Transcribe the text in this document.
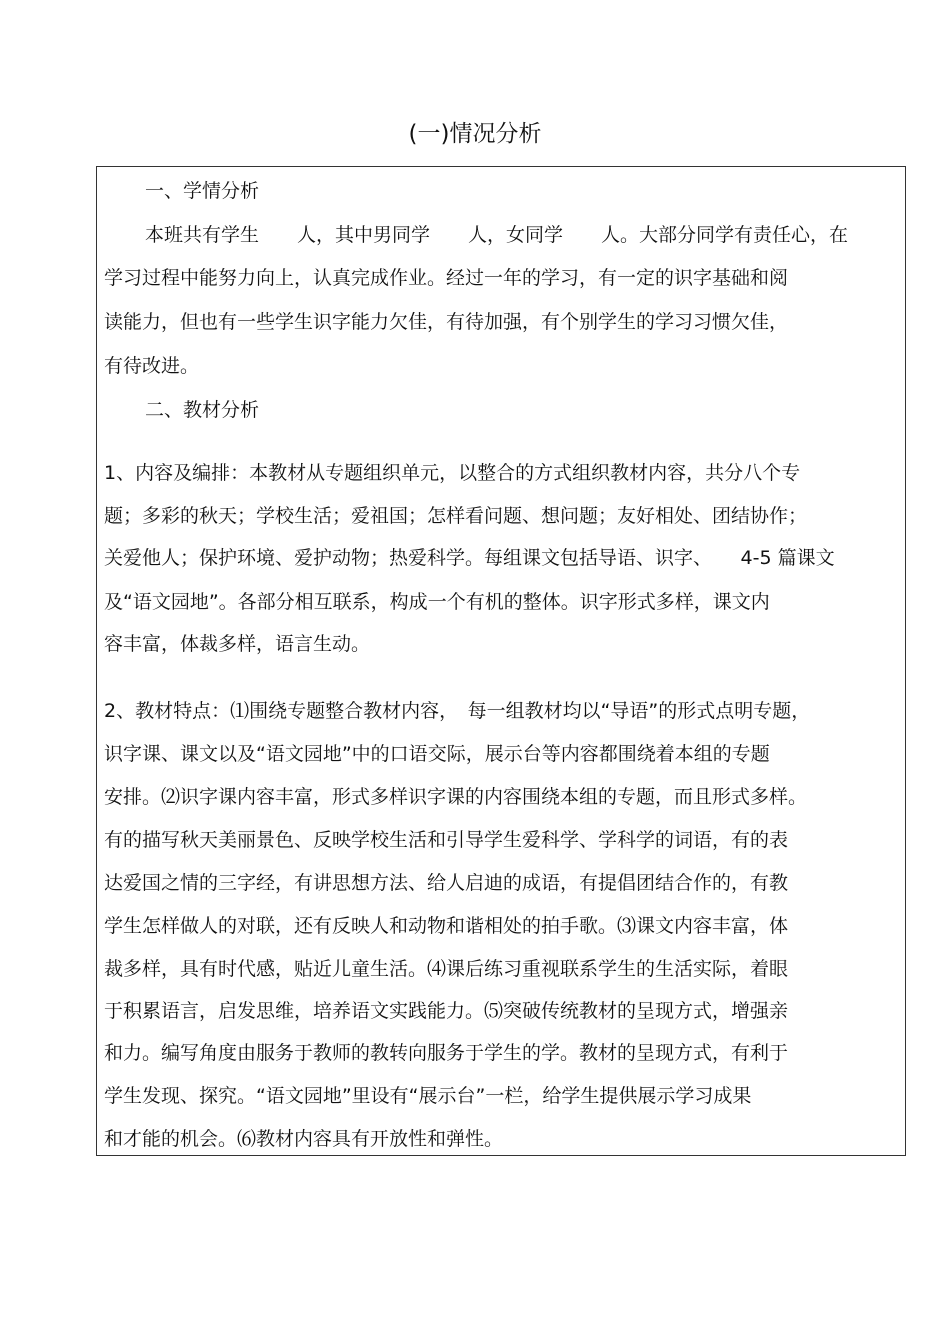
(一)情况分析
一、学情分析
本班共有学生　　人，其中男同学　　人，女同学　　人。大部分同学有责任心，在
学习过程中能努力向上，认真完成作业。经过一年的学习，有一定的识字基础和阅
读能力，但也有一些学生识字能力欠佳，有待加强，有个别学生的学习习惯欠佳，
有待改进。
二、教材分析
1、内容及编排：本教材从专题组织单元，以整合的方式组织教材内容，共分八个专
题；多彩的秋天；学校生活；爱祖国；怎样看问题、想问题；友好相处、团结协作；
关爱他人；保护环境、爱护动物；热爱科学。每组课文包括导语、识字、　　4-5 篇课文
及“语文园地”。各部分相互联系，构成一个有机的整体。识字形式多样，课文内
容丰富，体裁多样，语言生动。
2、教材特点：⑴围绕专题整合教材内容，　每一组教材均以“导语”的形式点明专题，
识字课、课文以及“语文园地”中的口语交际，展示台等内容都围绕着本组的专题
安排。⑵识字课内容丰富，形式多样识字课的内容围绕本组的专题，而且形式多样。
有的描写秋天美丽景色、反映学校生活和引导学生爱科学、学科学的词语，有的表
达爱国之情的三字经，有讲思想方法、给人启迪的成语，有提倡团结合作的，有教
学生怎样做人的对联，还有反映人和动物和谐相处的拍手歌。⑶课文内容丰富，体
裁多样，具有时代感，贴近儿童生活。⑷课后练习重视联系学生的生活实际，着眼
于积累语言，启发思维，培养语文实践能力。⑸突破传统教材的呈现方式，增强亲
和力。编写角度由服务于教师的教转向服务于学生的学。教材的呈现方式，有利于
学生发现、探究。“语文园地”里设有“展示台”一栏，给学生提供展示学习成果
和才能的机会。⑹教材内容具有开放性和弹性。
